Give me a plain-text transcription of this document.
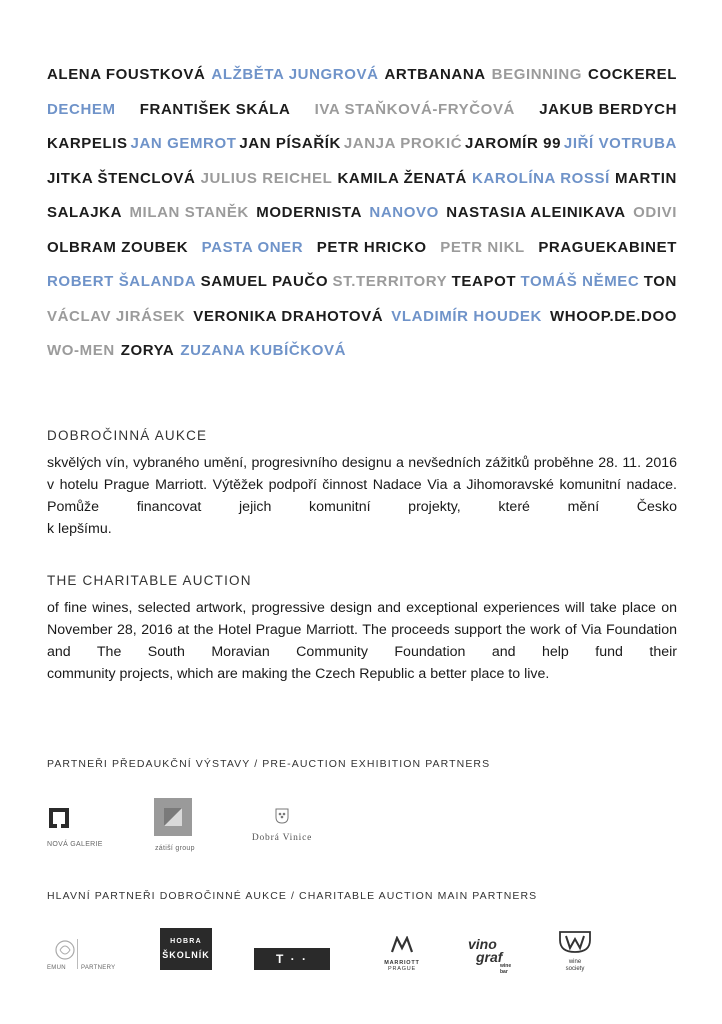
ALENA FOUSTKOVÁ ALŽBĚTA JUNGROVÁ ARTBANANA BEGINNING COCKEREL
DECHEM FRANTIŠEK SKÁLA IVA STAŇKOVÁ-FRYČOVÁ JAKUB BERDYCH
KARPELIS JAN GEMROT JAN PÍSAŘÍK JANJA PROKIĆ JAROMÍR 99 JIŘÍ VOTRUBA
JITKA ŠTENCLOVÁ JULIUS REICHEL KAMILA ŽENATÁ KAROLÍNA ROSSÍ MARTIN
SALAJKA MILAN STANĚK MODERNISTA NANOVO NASTASIA ALEINIKAVA ODIVI
OLBRAM ZOUBEK PASTA ONER PETR HRICKO PETR NIKL PRAGUEKABINET
ROBERT ŠALANDA SAMUEL PAUČO ST.TERRITORY TEAPOT TOMÁŠ NĚMEC TON
VÁCLAV JIRÁSEK VERONIKA DRAHOTOVÁ VLADIMÍR HOUDEK WHOOP.DE.DOO
WO-MEN ZORYA ZUZANA KUBÍČKOVÁ
DOBROČINNÁ AUKCE
skvělých vín, vybraného umění, progresivního designu a nevšedních zážitků proběhne 28. 11. 2016 v hotelu Prague Marriott. Výtěžek podpoří činnost Nadace Via a Jihomoravské komunitní nadace. Pomůže financovat jejich komunitní projekty, které mění Česko
k lepšímu.
THE CHARITABLE AUCTION
of fine wines, selected artwork, progressive design and exceptional experiences will take place on November 28, 2016 at the Hotel Prague Marriott. The proceeds support the work of Via Foundation and The South Moravian Community Foundation and help fund their
community projects, which are making the Czech Republic a better place to live.
PARTNEŘI PŘEDAUKČNÍ VÝSTAVY / PRE-AUCTION EXHIBITION PARTNERS
NOVÁ GALERIE
zátiší group
Dobrá Vinice
HLAVNÍ PARTNEŘI DOBROČINNÉ AUKCE / CHARITABLE AUCTION MAIN PARTNERS
EMUN	PARTNERY
HOBRA
ŠKOLNÍK	T · ·	MARRIOTT
PRAGUE
vino
graf
wine bar
wine
society
